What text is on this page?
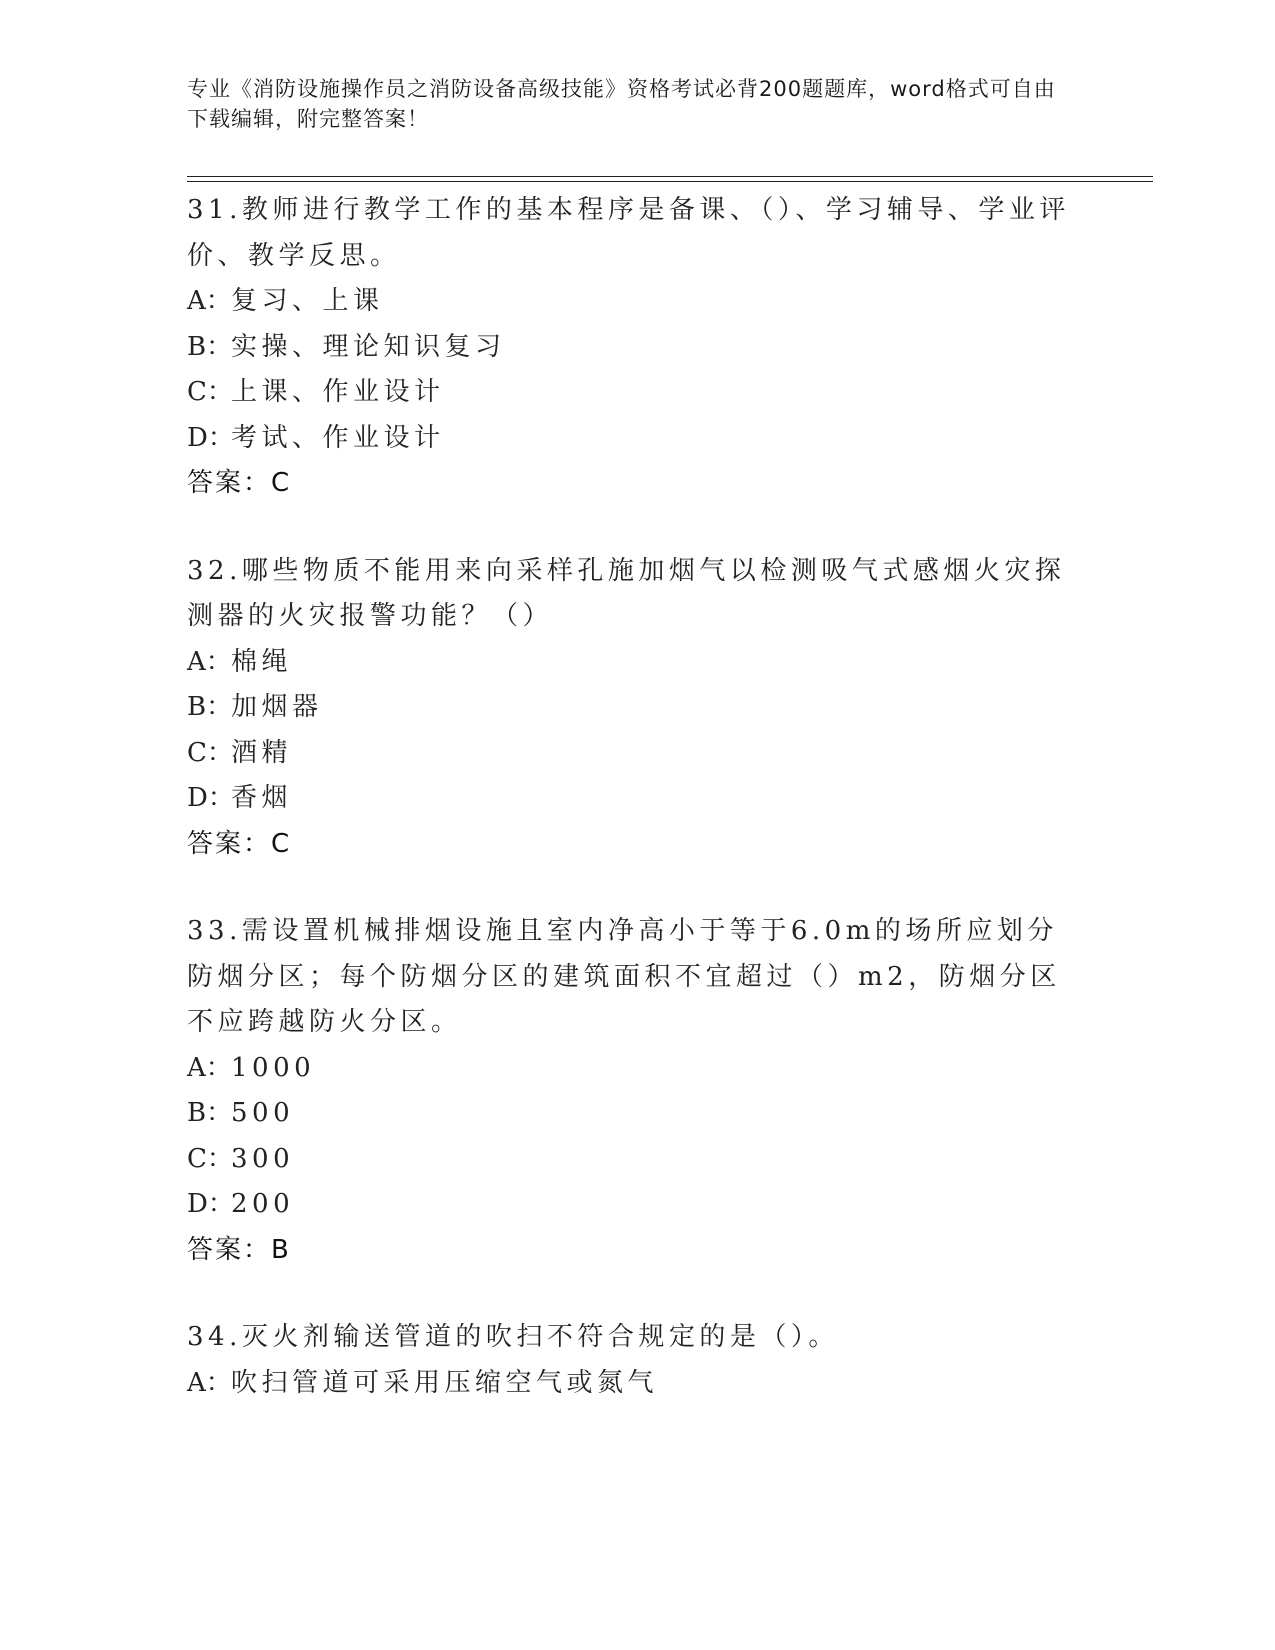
专业《消防设施操作员之消防设备高级技能》资格考试必背200题题库，word格式可自由下载编辑，附完整答案！

31.教师进行教学工作的基本程序是备课、（）、学习辅导、学业评价、教学反思。

A：复习、上课

B：实操、理论知识复习

C：上课、作业设计

D：考试、作业设计

答案：C

32.哪些物质不能用来向采样孔施加烟气以检测吸气式感烟火灾探测器的火灾报警功能？（）

A：棉绳

B：加烟器

C：酒精

D：香烟

答案：C

33.需设置机械排烟设施且室内净高小于等于6.0m的场所应划分防烟分区；每个防烟分区的建筑面积不宜超过（）m2，防烟分区不应跨越防火分区。

A：1000

B：500

C：300

D：200

答案：B

34.灭火剂输送管道的吹扫不符合规定的是（）。

A：吹扫管道可采用压缩空气或氮气
